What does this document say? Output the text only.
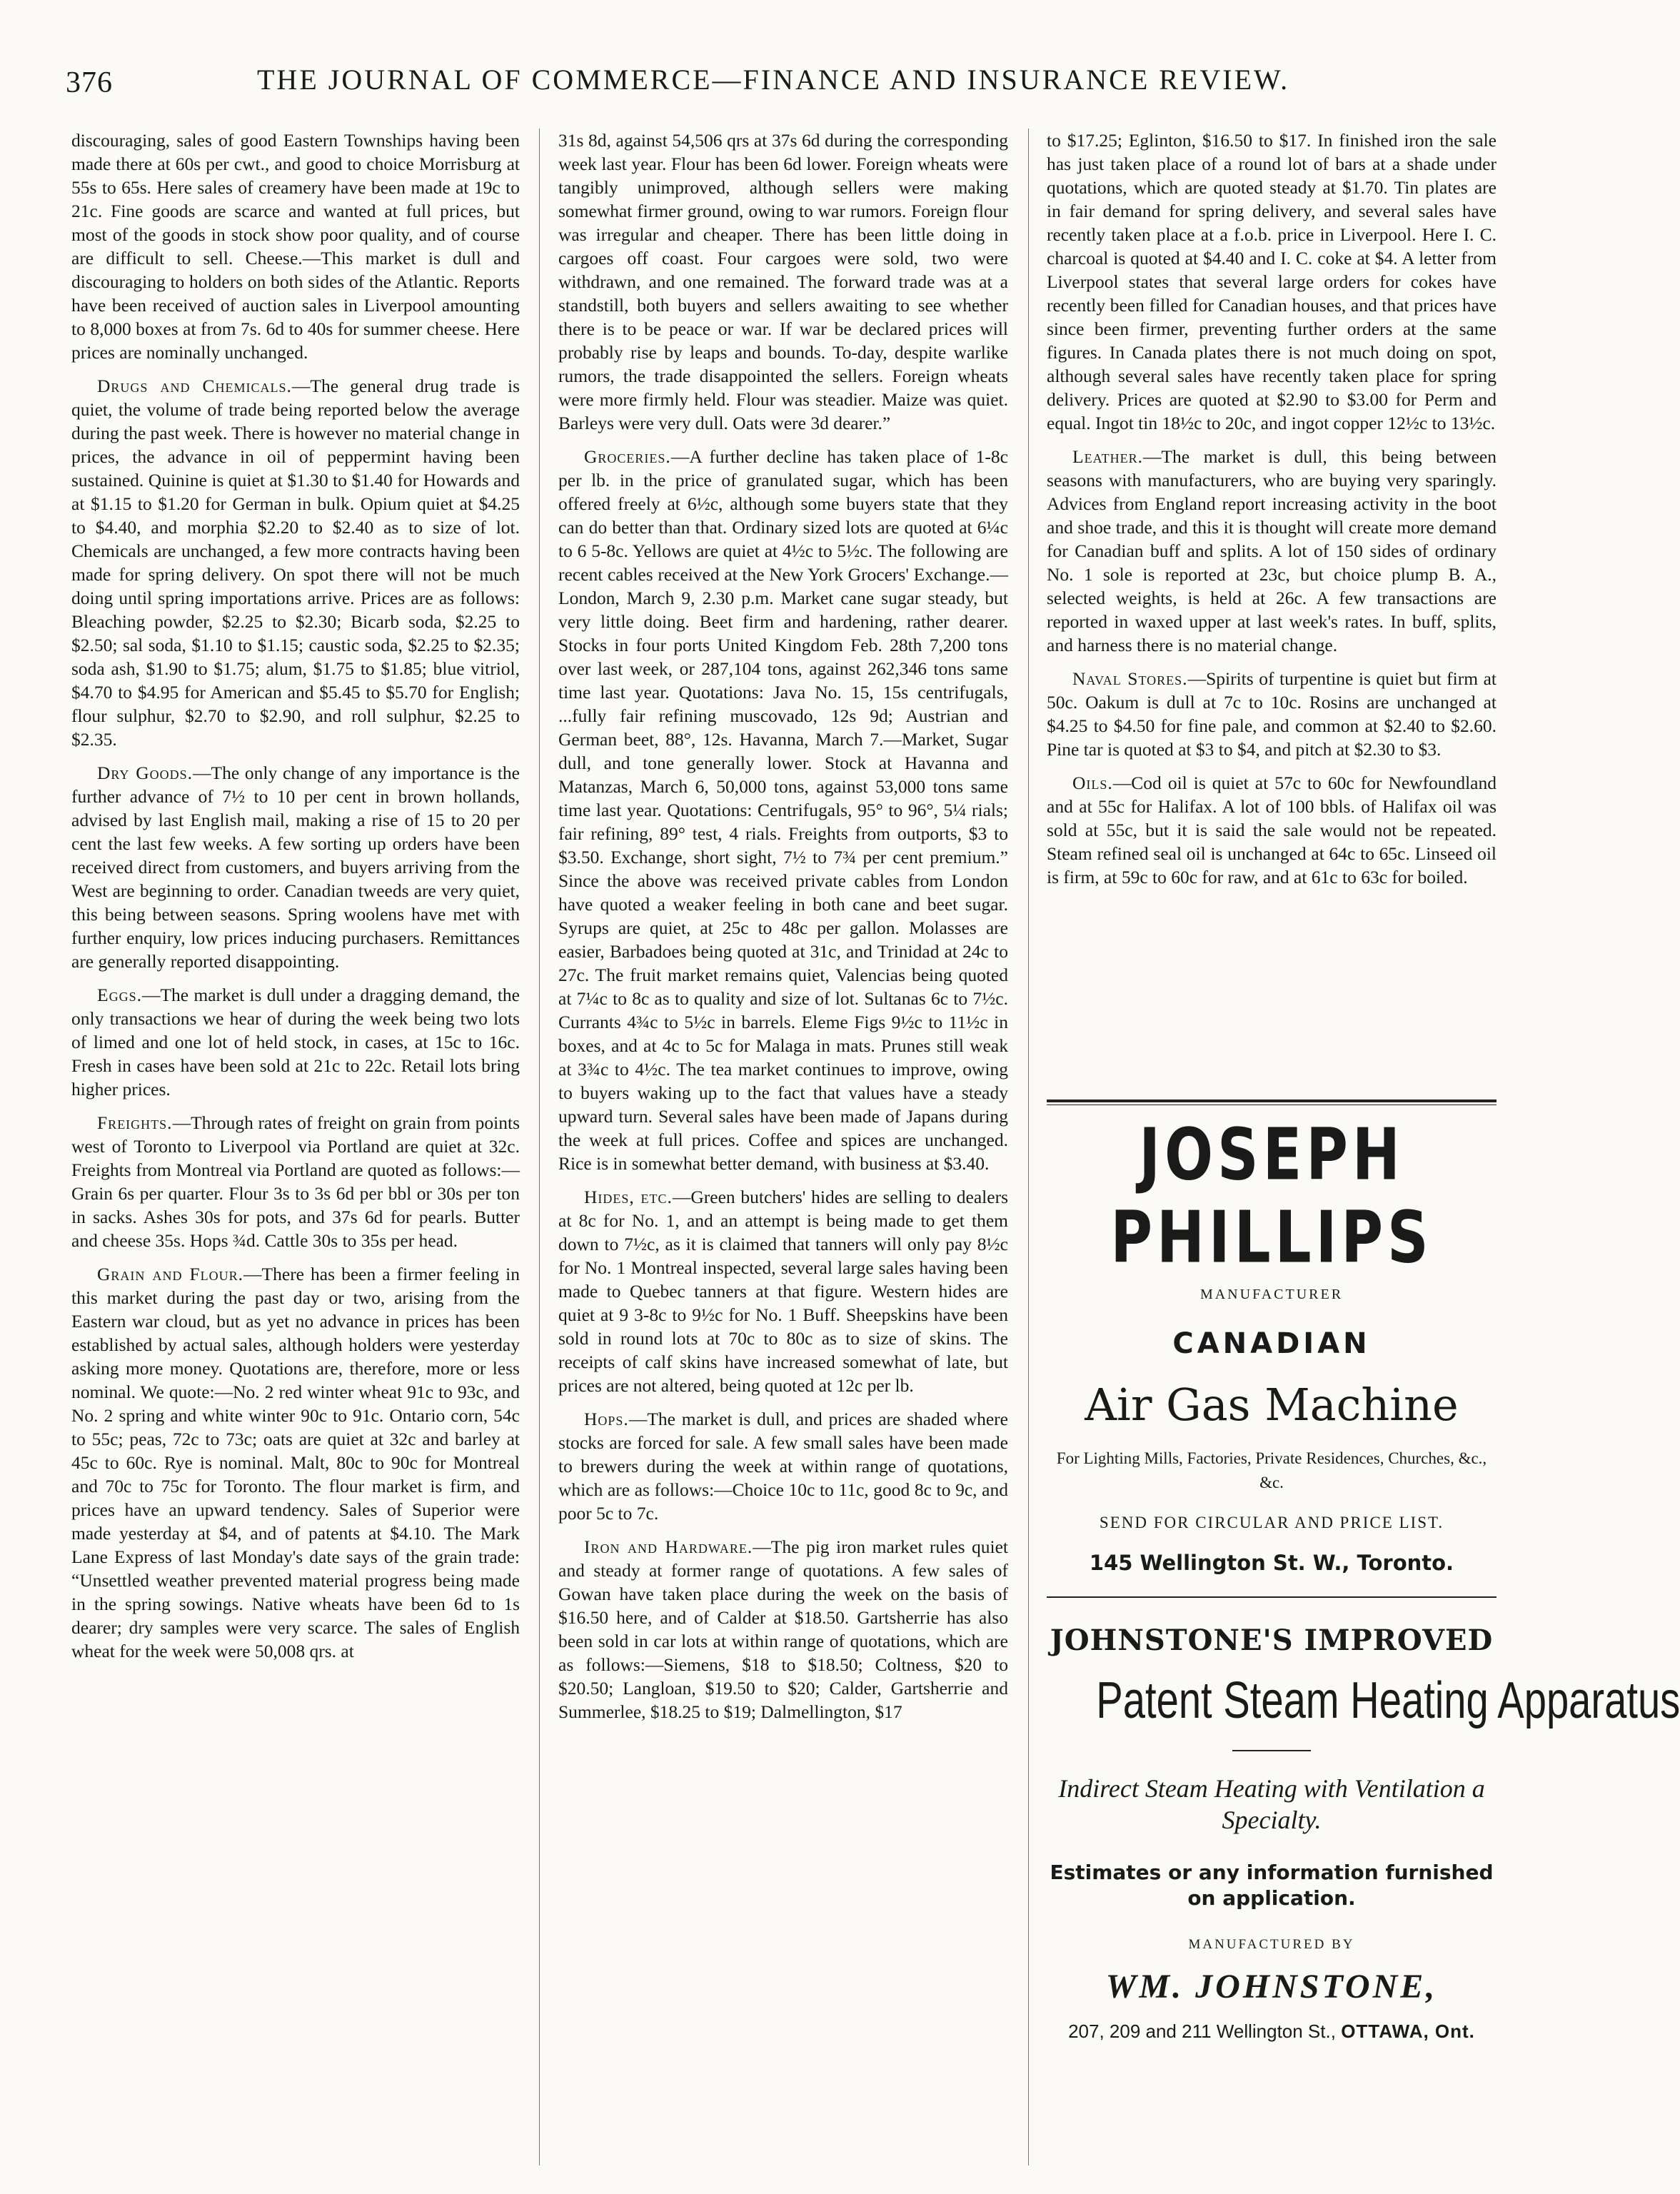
376	THE JOURNAL OF COMMERCE—FINANCE AND INSURANCE REVIEW.

discouraging, sales of good Eastern Townships having been made there at 60s per cwt., and good to choice Morrisburg at 55s to 65s. Here sales of creamery have been made at 19c to 21c. Fine goods are scarce and wanted at full prices, but most of the goods in stock show poor quality, and of course are difficult to sell. Cheese.—This market is dull and discouraging to holders on both sides of the Atlantic. Reports have been received of auction sales in Liverpool amounting to 8,000 boxes at from 7s. 6d to 40s for summer cheese. Here prices are nominally unchanged.

Drugs and Chemicals.—The general drug trade is quiet, the volume of trade being reported below the average during the past week. There is however no material change in prices, the advance in oil of peppermint having been sustained. Quinine is quiet at $1.30 to $1.40 for Howards and at $1.15 to $1.20 for German in bulk. Opium quiet at $4.25 to $4.40, and morphia $2.20 to $2.40 as to size of lot. Chemicals are unchanged, a few more contracts having been made for spring delivery. On spot there will not be much doing until spring importations arrive. Prices are as follows: Bleaching powder, $2.25 to $2.30; Bicarb soda, $2.25 to $2.50; sal soda, $1.10 to $1.15; caustic soda, $2.25 to $2.35; soda ash, $1.90 to $1.75; alum, $1.75 to $1.85; blue vitriol, $4.70 to $4.95 for American and $5.45 to $5.70 for English; flour sulphur, $2.70 to $2.90, and roll sulphur, $2.25 to $2.35.

Dry Goods.—The only change of any importance is the further advance of 7½ to 10 per cent in brown hollands, advised by last English mail, making a rise of 15 to 20 per cent the last few weeks. A few sorting up orders have been received direct from customers, and buyers arriving from the West are beginning to order. Canadian tweeds are very quiet, this being between seasons. Spring woolens have met with further enquiry, low prices inducing purchasers. Remittances are generally reported disappointing.

Eggs.—The market is dull under a dragging demand, the only transactions we hear of during the week being two lots of limed and one lot of held stock, in cases, at 15c to 16c. Fresh in cases have been sold at 21c to 22c. Retail lots bring higher prices.

Freights.—Through rates of freight on grain from points west of Toronto to Liverpool via Portland are quiet at 32c. Freights from Montreal via Portland are quoted as follows:—Grain 6s per quarter. Flour 3s to 3s 6d per bbl or 30s per ton in sacks. Ashes 30s for pots, and 37s 6d for pearls. Butter and cheese 35s. Hops ¾d. Cattle 30s to 35s per head.

Grain and Flour.—There has been a firmer feeling in this market during the past day or two, arising from the Eastern war cloud, but as yet no advance in prices has been established by actual sales, although holders were yesterday asking more money. Quotations are, therefore, more or less nominal. We quote:—No. 2 red winter wheat 91c to 93c, and No. 2 spring and white winter 90c to 91c. Ontario corn, 54c to 55c; peas, 72c to 73c; oats are quiet at 32c and barley at 45c to 60c. Rye is nominal. Malt, 80c to 90c for Montreal and 70c to 75c for Toronto. The flour market is firm, and prices have an upward tendency. Sales of Superior were made yesterday at $4, and of patents at $4.10. The Mark Lane Express of last Monday's date says of the grain trade: “Unsettled weather prevented material progress being made in the spring sowings. Native wheats have been 6d to 1s dearer; dry samples were very scarce. The sales of English wheat for the week were 50,008 qrs. at

31s 8d, against 54,506 qrs at 37s 6d during the corresponding week last year. Flour has been 6d lower. Foreign wheats were tangibly unimproved, although sellers were making somewhat firmer ground, owing to war rumors. Foreign flour was irregular and cheaper. There has been little doing in cargoes off coast. Four cargoes were sold, two were withdrawn, and one remained. The forward trade was at a standstill, both buyers and sellers awaiting to see whether there is to be peace or war. If war be declared prices will probably rise by leaps and bounds. To-day, despite warlike rumors, the trade disappointed the sellers. Foreign wheats were more firmly held. Flour was steadier. Maize was quiet. Barleys were very dull. Oats were 3d dearer.”

Groceries.—A further decline has taken place of 1-8c per lb. in the price of granulated sugar, which has been offered freely at 6½c, although some buyers state that they can do better than that. Ordinary sized lots are quoted at 6¼c to 6 5-8c. Yellows are quiet at 4½c to 5½c. The following are recent cables received at the New York Grocers' Exchange.—London, March 9, 2.30 p.m. Market cane sugar steady, but very little doing. Beet firm and hardening, rather dearer. Stocks in four ports United Kingdom Feb. 28th 7,200 tons over last week, or 287,104 tons, against 262,346 tons same time last year. Quotations: Java No. 15, 15s centrifugals, ...fully fair refining muscovado, 12s 9d; Austrian and German beet, 88°, 12s. Havanna, March 7.—Market, Sugar dull, and tone generally lower. Stock at Havanna and Matanzas, March 6, 50,000 tons, against 53,000 tons same time last year. Quotations: Centrifugals, 95° to 96°, 5¼ rials; fair refining, 89° test, 4 rials. Freights from outports, $3 to $3.50. Exchange, short sight, 7½ to 7¾ per cent premium.” Since the above was received private cables from London have quoted a weaker feeling in both cane and beet sugar. Syrups are quiet, at 25c to 48c per gallon. Molasses are easier, Barbadoes being quoted at 31c, and Trinidad at 24c to 27c. The fruit market remains quiet, Valencias being quoted at 7¼c to 8c as to quality and size of lot. Sultanas 6c to 7½c. Currants 4¾c to 5½c in barrels. Eleme Figs 9½c to 11½c in boxes, and at 4c to 5c for Malaga in mats. Prunes still weak at 3¾c to 4½c. The tea market continues to improve, owing to buyers waking up to the fact that values have a steady upward turn. Several sales have been made of Japans during the week at full prices. Coffee and spices are unchanged. Rice is in somewhat better demand, with business at $3.40.

Hides, etc.—Green butchers' hides are selling to dealers at 8c for No. 1, and an attempt is being made to get them down to 7½c, as it is claimed that tanners will only pay 8½c for No. 1 Montreal inspected, several large sales having been made to Quebec tanners at that figure. Western hides are quiet at 9 3-8c to 9½c for No. 1 Buff. Sheepskins have been sold in round lots at 70c to 80c as to size of skins. The receipts of calf skins have increased somewhat of late, but prices are not altered, being quoted at 12c per lb.

Hops.—The market is dull, and prices are shaded where stocks are forced for sale. A few small sales have been made to brewers during the week at within range of quotations, which are as follows:—Choice 10c to 11c, good 8c to 9c, and poor 5c to 7c.

Iron and Hardware.—The pig iron market rules quiet and steady at former range of quotations. A few sales of Gowan have taken place during the week on the basis of $16.50 here, and of Calder at $18.50. Gartsherrie has also been sold in car lots at within range of quotations, which are as follows:—Siemens, $18 to $18.50; Coltness, $20 to $20.50; Langloan, $19.50 to $20; Calder, Gartsherrie and Summerlee, $18.25 to $19; Dalmellington, $17

to $17.25; Eglinton, $16.50 to $17. In finished iron the sale has just taken place of a round lot of bars at a shade under quotations, which are quoted steady at $1.70. Tin plates are in fair demand for spring delivery, and several sales have recently taken place at a f.o.b. price in Liverpool. Here I. C. charcoal is quoted at $4.40 and I. C. coke at $4. A letter from Liverpool states that several large orders for cokes have recently been filled for Canadian houses, and that prices have since been firmer, preventing further orders at the same figures. In Canada plates there is not much doing on spot, although several sales have recently taken place for spring delivery. Prices are quoted at $2.90 to $3.00 for Perm and equal. Ingot tin 18½c to 20c, and ingot copper 12½c to 13½c.

Leather.—The market is dull, this being between seasons with manufacturers, who are buying very sparingly. Advices from England report increasing activity in the boot and shoe trade, and this it is thought will create more demand for Canadian buff and splits. A lot of 150 sides of ordinary No. 1 sole is reported at 23c, but choice plump B. A., selected weights, is held at 26c. A few transactions are reported in waxed upper at last week's rates. In buff, splits, and harness there is no material change.

Naval Stores.—Spirits of turpentine is quiet but firm at 50c. Oakum is dull at 7c to 10c. Rosins are unchanged at $4.25 to $4.50 for fine pale, and common at $2.40 to $2.60. Pine tar is quoted at $3 to $4, and pitch at $2.30 to $3.

Oils.—Cod oil is quiet at 57c to 60c for Newfoundland and at 55c for Halifax. A lot of 100 bbls. of Halifax oil was sold at 55c, but it is said the sale would not be repeated. Steam refined seal oil is unchanged at 64c to 65c. Linseed oil is firm, at 59c to 60c for raw, and at 61c to 63c for boiled.

JOSEPH PHILLIPS
MANUFACTURER
CANADIAN
Air Gas Machine
For Lighting Mills, Factories, Private Residences, Churches, &c., &c.
SEND FOR CIRCULAR AND PRICE LIST.
145 Wellington St. W., Toronto.
JOHNSTONE'S IMPROVED
Patent Steam Heating Apparatus
Indirect Steam Heating with Ventilation a Specialty.
Estimates or any information furnished on application.
MANUFACTURED BY
WM. JOHNSTONE,
207, 209 and 211 Wellington St., OTTAWA, Ont.
